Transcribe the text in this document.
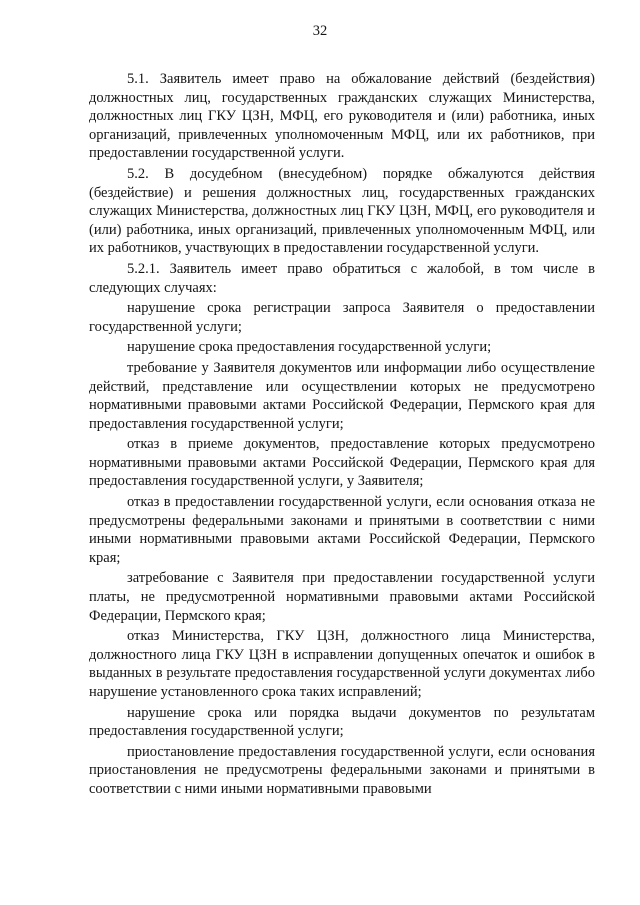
32

5.1. Заявитель имеет право на обжалование действий (бездействия) должностных лиц, государственных гражданских служащих Министерства, должностных лиц ГКУ ЦЗН, МФЦ, его руководителя и (или) работника, иных организаций, привлеченных уполномоченным МФЦ, или их работников, при предоставлении государственной услуги.

5.2. В досудебном (внесудебном) порядке обжалуются действия (бездействие) и решения должностных лиц, государственных гражданских служащих Министерства, должностных лиц ГКУ ЦЗН, МФЦ, его руководителя и (или) работника, иных организаций, привлеченных уполномоченным МФЦ, или их работников, участвующих в предоставлении государственной услуги.

5.2.1. Заявитель имеет право обратиться с жалобой, в том числе в следующих случаях:

нарушение срока регистрации запроса Заявителя о предоставлении государственной услуги;

нарушение срока предоставления государственной услуги;

требование у Заявителя документов или информации либо осуществление действий, представление или осуществлении которых не предусмотрено нормативными правовыми актами Российской Федерации, Пермского края для предоставления государственной услуги;

отказ в приеме документов, предоставление которых предусмотрено нормативными правовыми актами Российской Федерации, Пермского края для предоставления государственной услуги, у Заявителя;

отказ в предоставлении государственной услуги, если основания отказа не предусмотрены федеральными законами и принятыми в соответствии с ними иными нормативными правовыми актами Российской Федерации, Пермского края;

затребование с Заявителя при предоставлении государственной услуги платы, не предусмотренной нормативными правовыми актами Российской Федерации, Пермского края;

отказ Министерства, ГКУ ЦЗН, должностного лица Министерства, должностного лица ГКУ ЦЗН в исправлении допущенных опечаток и ошибок в выданных в результате предоставления государственной услуги документах либо нарушение установленного срока таких исправлений;

нарушение срока или порядка выдачи документов по результатам предоставления государственной услуги;

приостановление предоставления государственной услуги, если основания приостановления не предусмотрены федеральными законами и принятыми в соответствии с ними иными нормативными правовыми
